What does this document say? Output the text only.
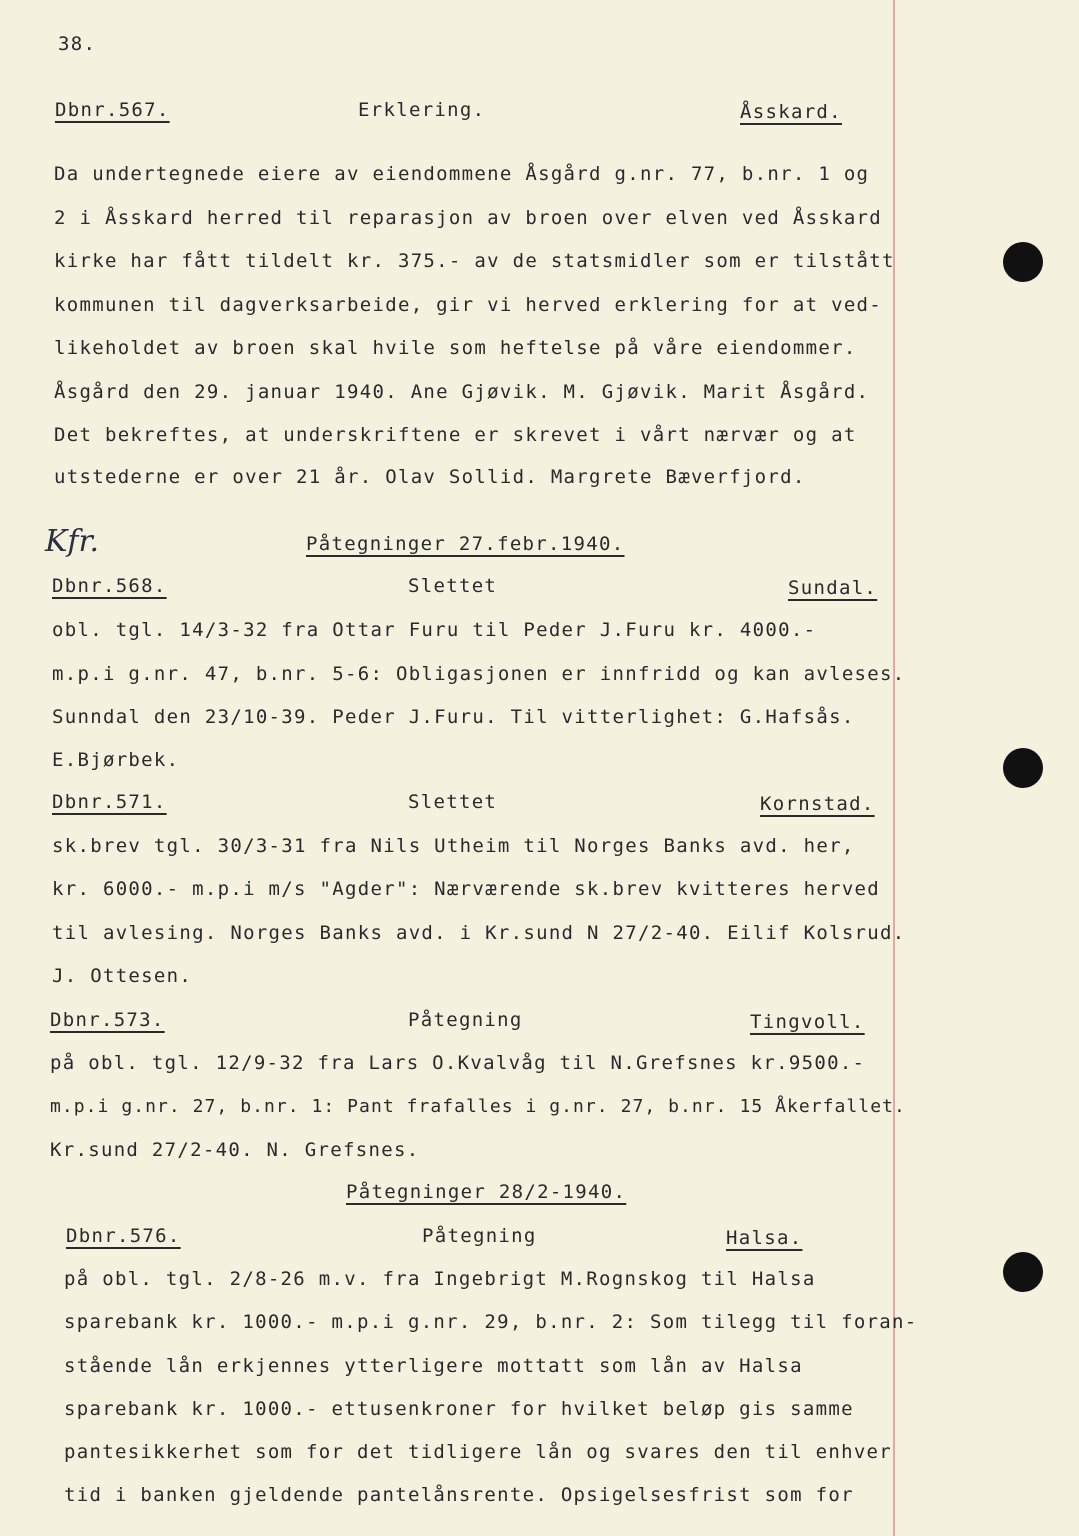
38.
Dbnr.567.	Erklering.	Åsskard.
Da undertegnede eiere av eiendommene Åsgård g.nr. 77, b.nr. 1 og
2 i Åsskard herred til reparasjon av broen over elven ved Åsskard
kirke har fått tildelt kr. 375.- av de statsmidler som er tilstått
kommunen til dagverksarbeide, gir vi herved erklering for at ved-
likeholdet av broen skal hvile som heftelse på våre eiendommer.
Åsgård den 29. januar 1940. Ane Gjøvik. M. Gjøvik. Marit Åsgård.
Det bekreftes, at underskriftene er skrevet i vårt nærvær og at
utstederne er over 21 år. Olav Sollid. Margrete Bæverfjord.
Kfr.	Påtegninger 27.febr.1940.
Dbnr.568.	Slettet	Sundal.
obl. tgl. 14/3-32 fra Ottar Furu til Peder J.Furu kr. 4000.-
m.p.i g.nr. 47, b.nr. 5-6: Obligasjonen er innfridd og kan avleses.
Sunndal den 23/10-39. Peder J.Furu. Til vitterlighet: G.Hafsås.
E.Bjørbek.
Dbnr.571.	Slettet	Kornstad.
sk.brev tgl. 30/3-31 fra Nils Utheim til Norges Banks avd. her,
kr. 6000.- m.p.i m/s "Agder": Nærværende sk.brev kvitteres herved
til avlesing. Norges Banks avd. i Kr.sund N 27/2-40. Eilif Kolsrud.
J. Ottesen.
Dbnr.573.	Påtegning	Tingvoll.
på obl. tgl. 12/9-32 fra Lars O.Kvalvåg til N.Grefsnes kr.9500.-
m.p.i g.nr. 27, b.nr. 1: Pant frafalles i g.nr. 27, b.nr. 15 Åkerfallet.
Kr.sund 27/2-40. N. Grefsnes.
Påtegninger 28/2-1940.
Dbnr.576.	Påtegning	Halsa.
på obl. tgl. 2/8-26 m.v. fra Ingebrigt M.Rognskog til Halsa
sparebank kr. 1000.- m.p.i g.nr. 29, b.nr. 2: Som tilegg til foran-
stående lån erkjennes ytterligere mottatt som lån av Halsa
sparebank kr. 1000.- ettusenkroner for hvilket beløp gis samme
pantesikkerhet som for det tidligere lån og svares den til enhver
tid i banken gjeldende pantelånsrente. Opsigelsesfrist som for
